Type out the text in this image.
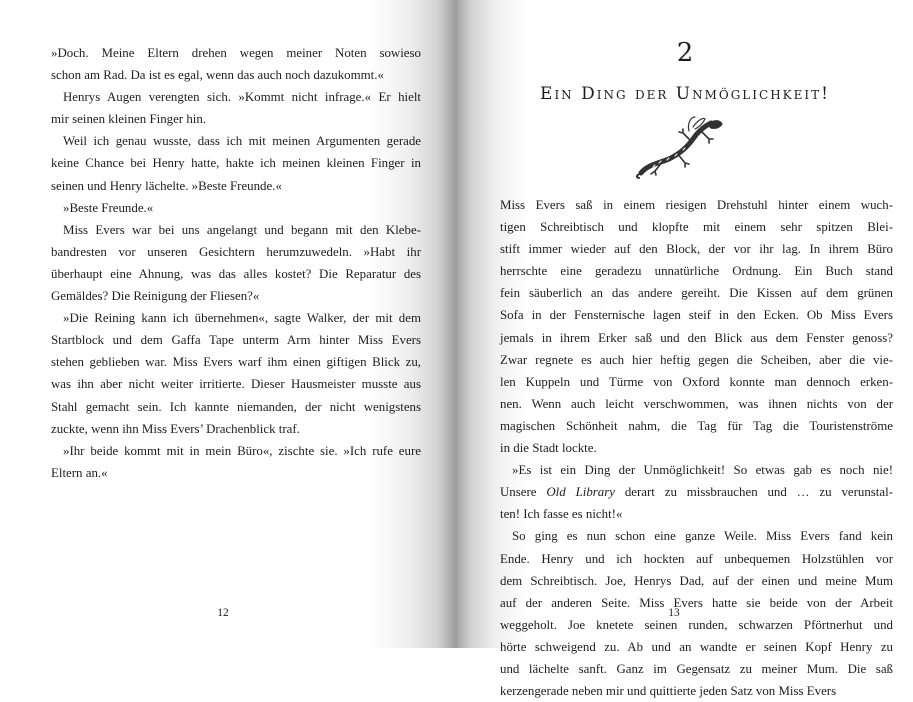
»Doch. Meine Eltern drehen wegen meiner Noten sowieso
schon am Rad. Da ist es egal, wenn das auch noch dazukommt.«

Henrys Augen verengten sich. »Kommt nicht infrage.« Er hielt
mir seinen kleinen Finger hin.

Weil ich genau wusste, dass ich mit meinen Argumenten gerade
keine Chance bei Henry hatte, hakte ich meinen kleinen Finger in
seinen und Henry lächelte. »Beste Freunde.«

»Beste Freunde.«

Miss Evers war bei uns angelangt und begann mit den Klebe-
bandresten vor unseren Gesichtern herumzuwedeln. »Habt ihr
überhaupt eine Ahnung, was das alles kostet? Die Reparatur des
Gemäldes? Die Reinigung der Fliesen?«

»Die Reining kann ich übernehmen«, sagte Walker, der mit dem
Startblock und dem Gaffa Tape unterm Arm hinter Miss Evers
stehen geblieben war. Miss Evers warf ihm einen giftigen Blick zu,
was ihn aber nicht weiter irritierte. Dieser Hausmeister musste aus
Stahl gemacht sein. Ich kannte niemanden, der nicht wenigstens
zuckte, wenn ihn Miss Evers’ Drachenblick traf.

»Ihr beide kommt mit in mein Büro«, zischte sie. »Ich rufe eure
Eltern an.«

12
2
Ein Ding der Unmöglichkeit!

Miss Evers saß in einem riesigen Drehstuhl hinter einem wuch-
tigen Schreibtisch und klopfte mit einem sehr spitzen Blei-
stift immer wieder auf den Block, der vor ihr lag. In ihrem Büro
herrschte eine geradezu unnatürliche Ordnung. Ein Buch stand
fein säuberlich an das andere gereiht. Die Kissen auf dem grünen
Sofa in der Fensternische lagen steif in den Ecken. Ob Miss Evers
jemals in ihrem Erker saß und den Blick aus dem Fenster genoss?
Zwar regnete es auch hier heftig gegen die Scheiben, aber die vie-
len Kuppeln und Türme von Oxford konnte man dennoch erken-
nen. Wenn auch leicht verschwommen, was ihnen nichts von der
magischen Schönheit nahm, die Tag für Tag die Touristenströme
in die Stadt lockte.

»Es ist ein Ding der Unmöglichkeit! So etwas gab es noch nie!
Unsere Old Library derart zu missbrauchen und … zu verunstal-
ten! Ich fasse es nicht!«

So ging es nun schon eine ganze Weile. Miss Evers fand kein
Ende. Henry und ich hockten auf unbequemen Holzstühlen vor
dem Schreibtisch. Joe, Henrys Dad, auf der einen und meine Mum
auf der anderen Seite. Miss Evers hatte sie beide von der Arbeit
weggeholt. Joe knetete seinen runden, schwarzen Pförtnerhut und
hörte schweigend zu. Ab und an wandte er seinen Kopf Henry zu
und lächelte sanft. Ganz im Gegensatz zu meiner Mum. Die saß
kerzengerade neben mir und quittierte jeden Satz von Miss Evers

13
